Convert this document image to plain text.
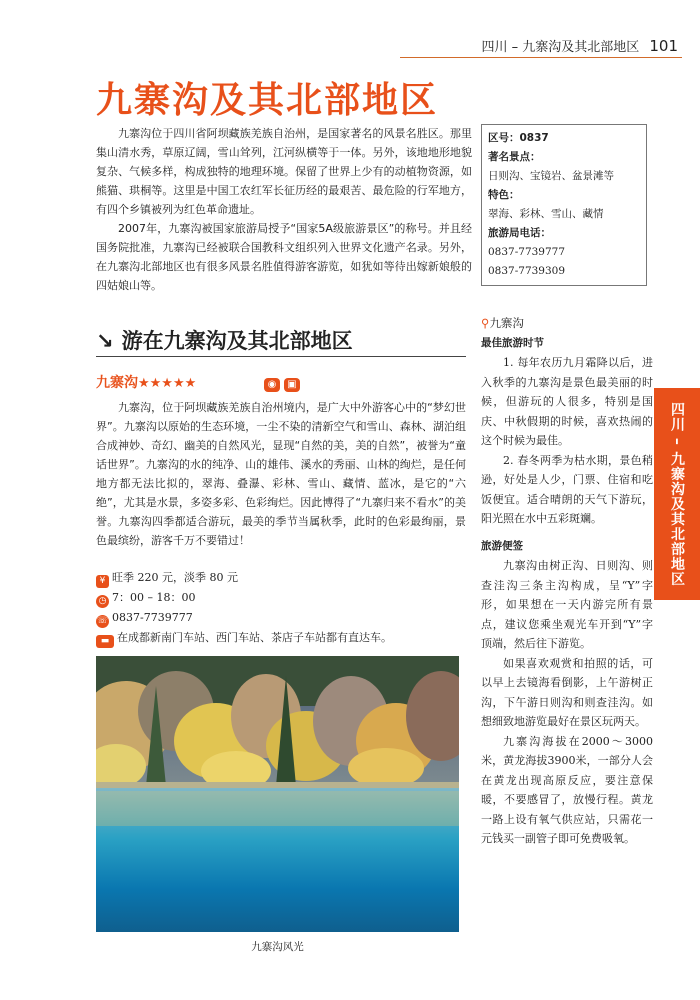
四川 – 九寨沟及其北部地区 101
九寨沟及其北部地区

九寨沟位于四川省阿坝藏族羌族自治州，是国家著名的风景名胜区。那里集山清水秀，草原辽阔，雪山耸列，江河纵横等于一体。另外，该地地形地貌复杂、气候多样，构成独特的地理环境。保留了世界上少有的动植物资源，如熊猫、珙桐等。这里是中国工农红军长征历经的最艰苦、最危险的行军地方，有四个乡镇被列为红色革命遗址。

2007年，九寨沟被国家旅游局授予“国家5A级旅游景区”的称号。并且经国务院批准，九寨沟已经被联合国教科文组织列入世界文化遗产名录。另外，在九寨沟北部地区也有很多风景名胜值得游客游览，如犹如等待出嫁新娘般的四姑娘山等。

区号：0837
著名景点：
日则沟、宝镜岩、盆景滩等
特色：
翠海、彩林、雪山、藏情
旅游局电话：
0837-7739777
0837-7739309
↘ 游在九寨沟及其北部地区
九寨沟★★★★★	◉ ▣

九寨沟，位于阿坝藏族羌族自治州境内，是广大中外游客心中的“梦幻世界”。九寨沟以原始的生态环境，一尘不染的清新空气和雪山、森林、湖泊组合成神妙、奇幻、幽美的自然风光，显现“自然的美，美的自然”，被誉为“童话世界”。九寨沟的水的纯净、山的雄伟、溪水的秀丽、山林的绚烂，是任何地方都无法比拟的，翠海、叠瀑、彩林、雪山、藏情、蓝冰，是它的“六绝”，尤其是水景，多姿多彩、色彩绚烂。因此博得了“九寨归来不看水”的美誉。九寨沟四季都适合游玩，最美的季节当属秋季，此时的色彩最绚丽，景色最缤纷，游客千万不要错过！

¥ 旺季 220 元，淡季 80 元
◷ 7：00 – 18：00
☏ 0837-7739777
▬ 在成都新南门车站、西门车站、茶店子车站都有直达车。
九寨沟风光
⚲九寨沟
最佳旅游时节

1. 每年农历九月霜降以后，进入秋季的九寨沟是景色最美丽的时候，但游玩的人很多，特别是国庆、中秋假期的时候，喜欢热闹的这个时候为最佳。

2. 春冬两季为枯水期，景色稍逊，好处是人少，门票、住宿和吃饭便宜。适合晴朗的天气下游玩，阳光照在水中五彩斑斓。

旅游便签

九寨沟由树正沟、日则沟、则查洼沟三条主沟构成，呈“Y”字形，如果想在一天内游完所有景点，建议您乘坐观光车开到“Y”字顶端，然后往下游览。

如果喜欢观赏和拍照的话，可以早上去镜海看倒影，上午游树正沟，下午游日则沟和则查洼沟。如想细致地游览最好在景区玩两天。

九寨沟海拔在2000～3000米，黄龙海拔3900米，一部分人会在黄龙出现高原反应，要注意保暖，不要感冒了，放慢行程。黄龙一路上设有氧气供应站，只需花一元钱买一副管子即可免费吸氧。

四川 – 九寨沟及其北部地区
